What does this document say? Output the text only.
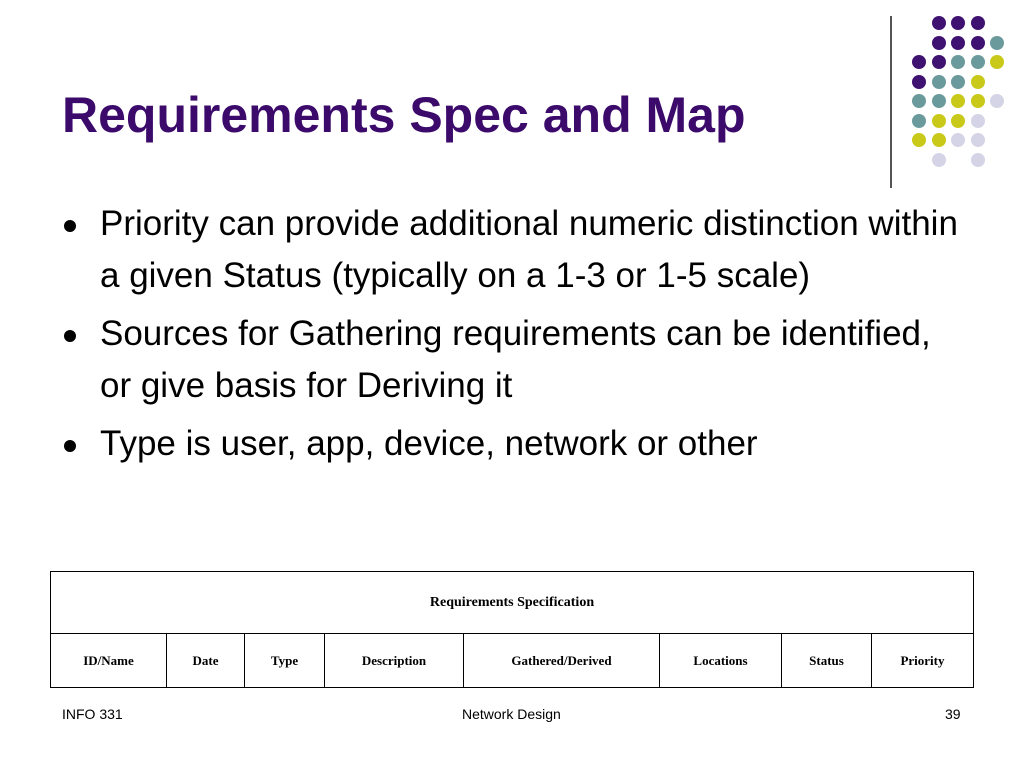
Requirements Spec and Map
Priority can provide additional numeric distinction within a given Status (typically on a 1-3 or 1-5 scale)
Sources for Gathering requirements can be identified, or give basis for Deriving it
Type is user, app, device, network or other
Requirements Specification
ID/Name	Date	Type	Description	Gathered/Derived	Locations	Status	Priority
INFO 331	Network Design	39
